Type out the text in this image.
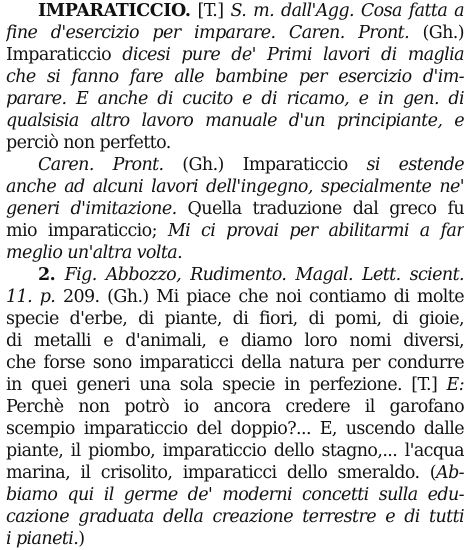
IMPARATICCIO. [T.] S. m. dall'Agg. Cosa fatta a
fine d'esercizio per imparare. Caren. Pront. (Gh.)
Imparaticcio dicesi pure de' Primi lavori di maglia
che si fanno fare alle bambine per esercizio d'im-
parare. E anche di cucito e di ricamo, e in gen. di
qualsisia altro lavoro manuale d'un principiante, e
perciò non perfetto.
Caren. Pront. (Gh.) Imparaticcio si estende
anche ad alcuni lavori dell'ingegno, specialmente ne'
generi d'imitazione. Quella traduzione dal greco fu
mio imparaticcio; Mi ci provai per abilitarmi a far
meglio un'altra volta.
2. Fig. Abbozzo, Rudimento. Magal. Lett. scient.
11. p. 209. (Gh.) Mi piace che noi contiamo di molte
specie d'erbe, di piante, di fiori, di pomi, di gioie,
di metalli e d'animali, e diamo loro nomi diversi,
che forse sono imparaticci della natura per condurre
in quei generi una sola specie in perfezione. [T.] E:
Perchè non potrò io ancora credere il garofano
scempio imparaticcio del doppio?... E, uscendo dalle
piante, il piombo, imparaticcio dello stagno,... l'acqua
marina, il crisolito, imparaticci dello smeraldo. (Ab-
biamo qui il germe de' moderni concetti sulla edu-
cazione graduata della creazione terrestre e di tutti
i pianeti.)
